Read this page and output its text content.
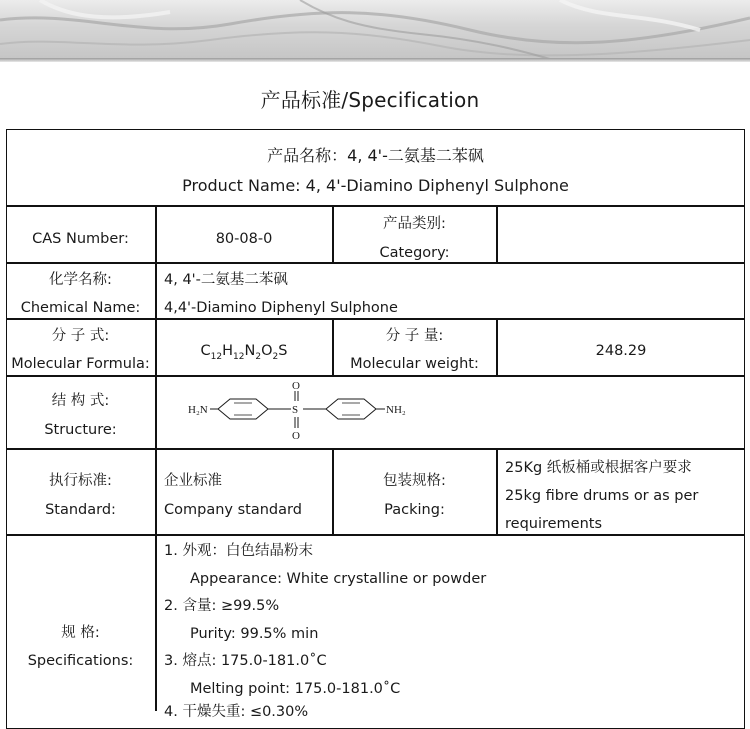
产品标准/Specification
产品名称：4, 4'-二氨基二苯砜
Product Name: 4, 4'-Diamino Diphenyl Sulphone
CAS Number:	80-08-0
产品类别:
Category:
化学名称:
Chemical Name:
4, 4'-二氨基二苯砜
4,4'-Diamino Diphenyl Sulphone
分 子 式:
Molecular Formula:
$C_{12}H_{12}N_2O_2S$
分 子 量:
Molecular weight:
248.29
结 构 式:
Structure:
H₂N	S
O
O
NH₂
执行标准:
Standard:
企业标准
Company standard
包装规格:
Packing:
25Kg 纸板桶或根据客户要求
25kg fibre drums or as per
requirements
规 格:
Specifications:
1. 外观：白色结晶粉末
Appearance: White crystalline or powder
2. 含量: ≥99.5%
Purity: 99.5% min
3. 熔点: 175.0-181.0˚C
Melting point: 175.0-181.0˚C
4. 干燥失重: ≤0.30%
